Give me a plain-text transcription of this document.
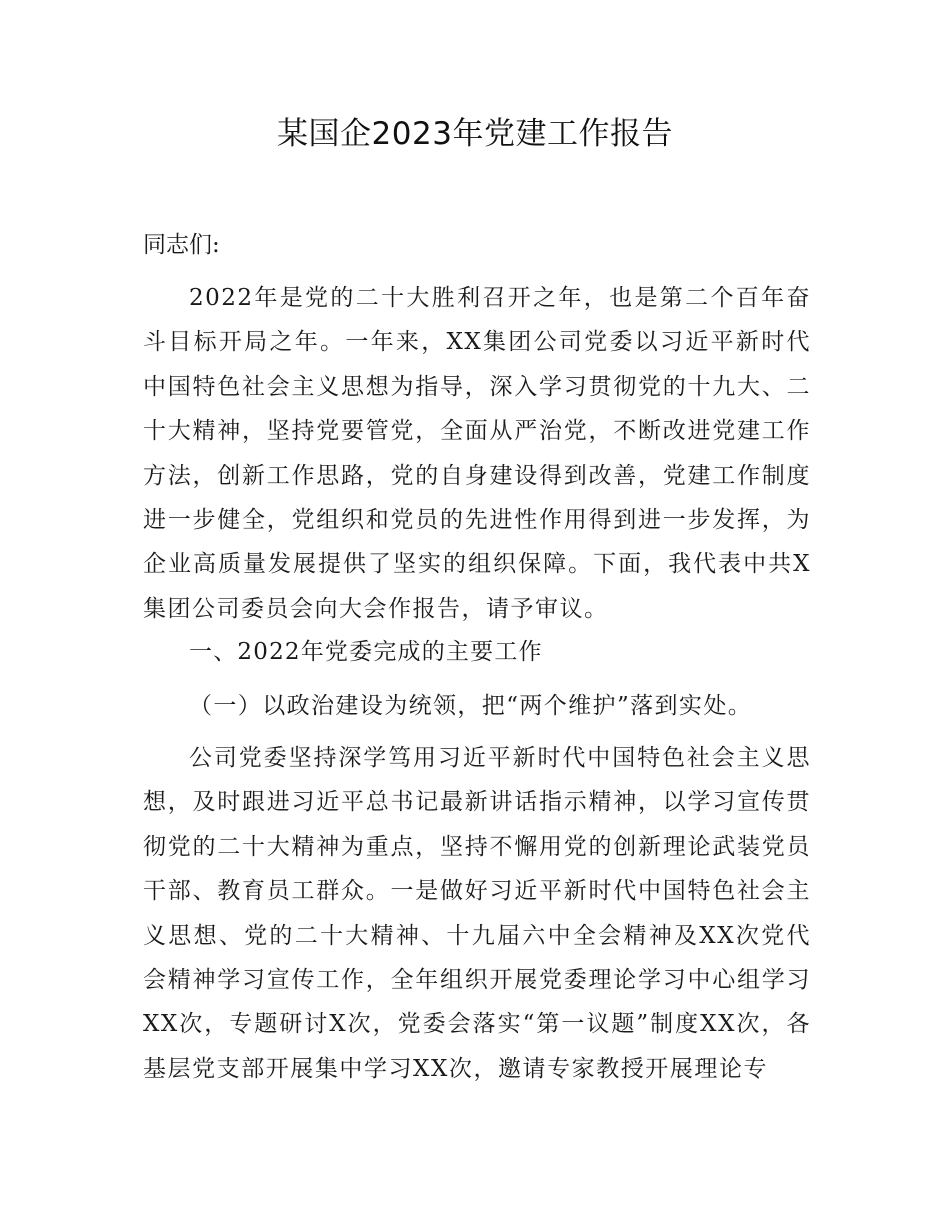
某国企2023年党建工作报告

同志们:

2022年是党的二十大胜利召开之年，也是第二个百年奋斗目标开局之年。一年来，XX集团公司党委以习近平新时代中国特色社会主义思想为指导，深入学习贯彻党的十九大、二十大精神，坚持党要管党，全面从严治党，不断改进党建工作方法，创新工作思路，党的自身建设得到改善，党建工作制度进一步健全，党组织和党员的先进性作用得到进一步发挥，为企业高质量发展提供了坚实的组织保障。下面，我代表中共X集团公司委员会向大会作报告，请予审议。

一、2022年党委完成的主要工作

（一）以政治建设为统领，把“两个维护”落到实处。

公司党委坚持深学笃用习近平新时代中国特色社会主义思想，及时跟进习近平总书记最新讲话指示精神，以学习宣传贯彻党的二十大精神为重点，坚持不懈用党的创新理论武装党员干部、教育员工群众。一是做好习近平新时代中国特色社会主义思想、党的二十大精神、十九届六中全会精神及XX次党代会精神学习宣传工作，全年组织开展党委理论学习中心组学习XX次，专题研讨X次，党委会落实“第一议题”制度XX次，各基层党支部开展集中学习XX次，邀请专家教授开展理论专
